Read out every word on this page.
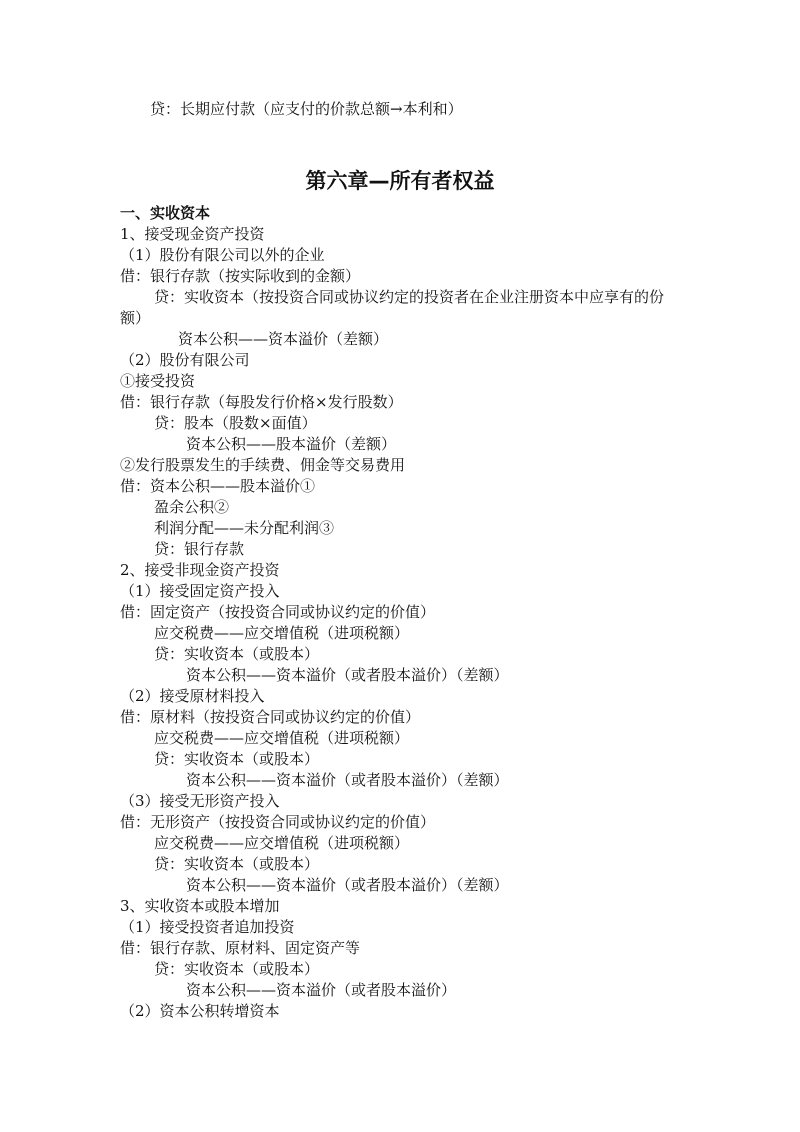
贷：长期应付款（应支付的价款总额→本利和）
第六章—所有者权益
一、实收资本
1、接受现金资产投资
（1）股份有限公司以外的企业
借：银行存款（按实际收到的金额）
贷：实收资本（按投资合同或协议约定的投资者在企业注册资本中应享有的份
额）
资本公积——资本溢价（差额）
（2）股份有限公司
①接受投资
借：银行存款（每股发行价格×发行股数）
贷：股本（股数×面值）
资本公积——股本溢价（差额）
②发行股票发生的手续费、佣金等交易费用
借：资本公积——股本溢价①
盈余公积②
利润分配——未分配利润③
贷：银行存款
2、接受非现金资产投资
（1）接受固定资产投入
借：固定资产（按投资合同或协议约定的价值）
应交税费——应交增值税（进项税额）
贷：实收资本（或股本）
资本公积——资本溢价（或者股本溢价）（差额）
（2）接受原材料投入
借：原材料（按投资合同或协议约定的价值）
应交税费——应交增值税（进项税额）
贷：实收资本（或股本）
资本公积——资本溢价（或者股本溢价）（差额）
（3）接受无形资产投入
借：无形资产（按投资合同或协议约定的价值）
应交税费——应交增值税（进项税额）
贷：实收资本（或股本）
资本公积——资本溢价（或者股本溢价）（差额）
3、实收资本或股本增加
（1）接受投资者追加投资
借：银行存款、原材料、固定资产等
贷：实收资本（或股本）
资本公积——资本溢价（或者股本溢价）
（2）资本公积转增资本
